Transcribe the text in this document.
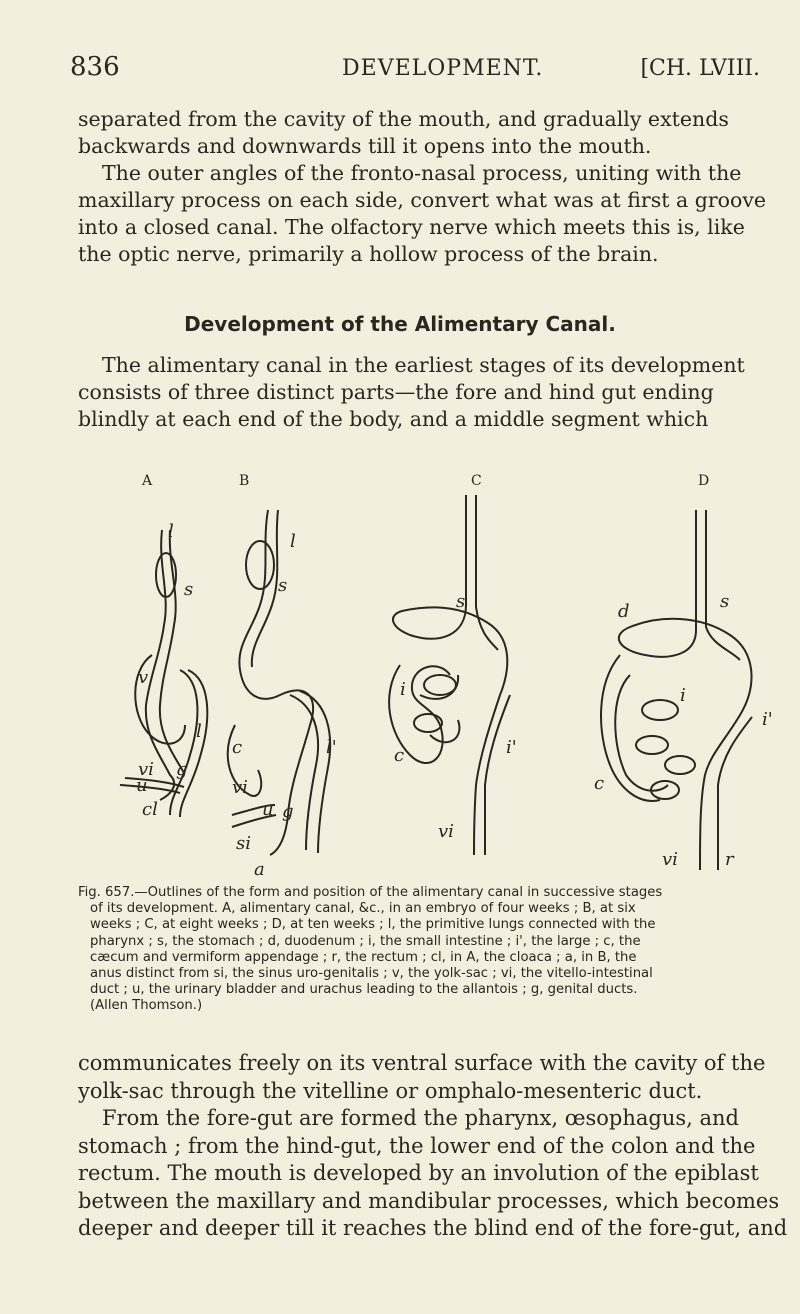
836	DEVELOPMENT.	[CH. LVIII.
separated from the cavity of the mouth, and gradually extends
backwards and downwards till it opens into the mouth.
The outer angles of the fronto-nasal process, uniting with the
maxillary process on each side, convert what was at first a groove
into a closed canal. The olfactory nerve which meets this is, like
the optic nerve, primarily a hollow process of the brain.
Development of the Alimentary Canal.
The alimentary canal in the earliest stages of its development
consists of three distinct parts—the fore and hind gut ending
blindly at each end of the body, and a middle segment which
A	B	C	D
l
s
v
vi
l
u
g
cl
l
s
c	l'
vi
u g
si
a
s
i
i'
c
vi
s
d
i
i'
c
vi	r
Fig. 657.—Outlines of the form and position of the alimentary canal in successive stages
of its development. A, alimentary canal, &c., in an embryo of four weeks ; B, at six
weeks ; C, at eight weeks ; D, at ten weeks ; l, the primitive lungs connected with the
pharynx ; s, the stomach ; d, duodenum ; i, the small intestine ; i', the large ; c, the
cæcum and vermiform appendage ; r, the rectum ; cl, in A, the cloaca ; a, in B, the
anus distinct from si, the sinus uro-genitalis ; v, the yolk-sac ; vi, the vitello-intestinal
duct ; u, the urinary bladder and urachus leading to the allantois ; g, genital ducts.
(Allen Thomson.)
communicates freely on its ventral surface with the cavity of the
yolk-sac through the vitelline or omphalo-mesenteric duct.
From the fore-gut are formed the pharynx, œsophagus, and
stomach ; from the hind-gut, the lower end of the colon and the
rectum. The mouth is developed by an involution of the epiblast
between the maxillary and mandibular processes, which becomes
deeper and deeper till it reaches the blind end of the fore-gut, and
